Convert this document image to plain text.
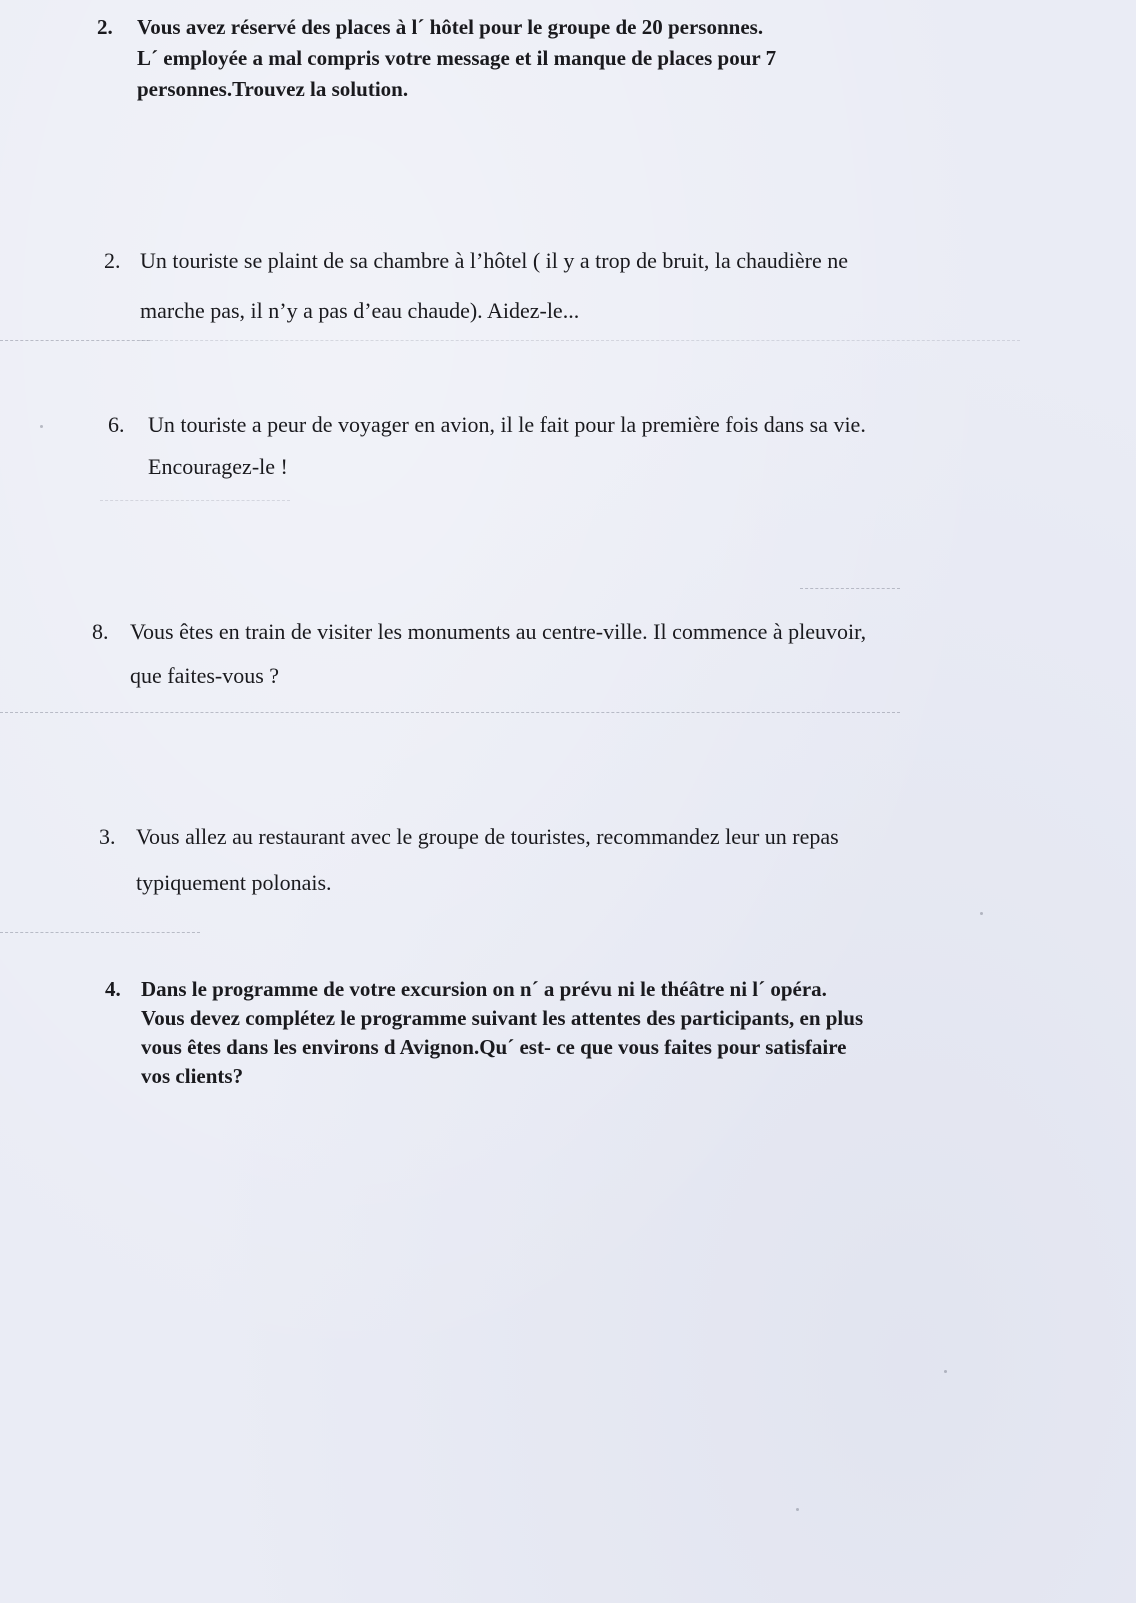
2. Vous avez réservé des places à l´ hôtel pour le groupe de 20 personnes.
L´ employée a mal compris votre message et il manque de places pour 7
personnes.Trouvez la solution.

2. Un touriste se plaint de sa chambre à l’hôtel ( il y a trop de bruit, la chaudière ne
marche pas, il n’y a pas d’eau chaude). Aidez-le...

6. Un touriste a peur de voyager en avion, il le fait pour la première fois dans sa vie.
Encouragez-le !

8. Vous êtes en train de visiter les monuments au centre-ville. Il commence à pleuvoir,
que faites-vous ?

3. Vous allez au restaurant avec le groupe de touristes, recommandez leur un repas
typiquement polonais.

4. Dans le programme de votre excursion on n´ a prévu ni le théâtre ni l´ opéra.
Vous devez complétez le programme suivant les attentes des participants, en plus
vous êtes dans les environs d Avignon.Qu´ est- ce que vous faites pour satisfaire
vos clients?
